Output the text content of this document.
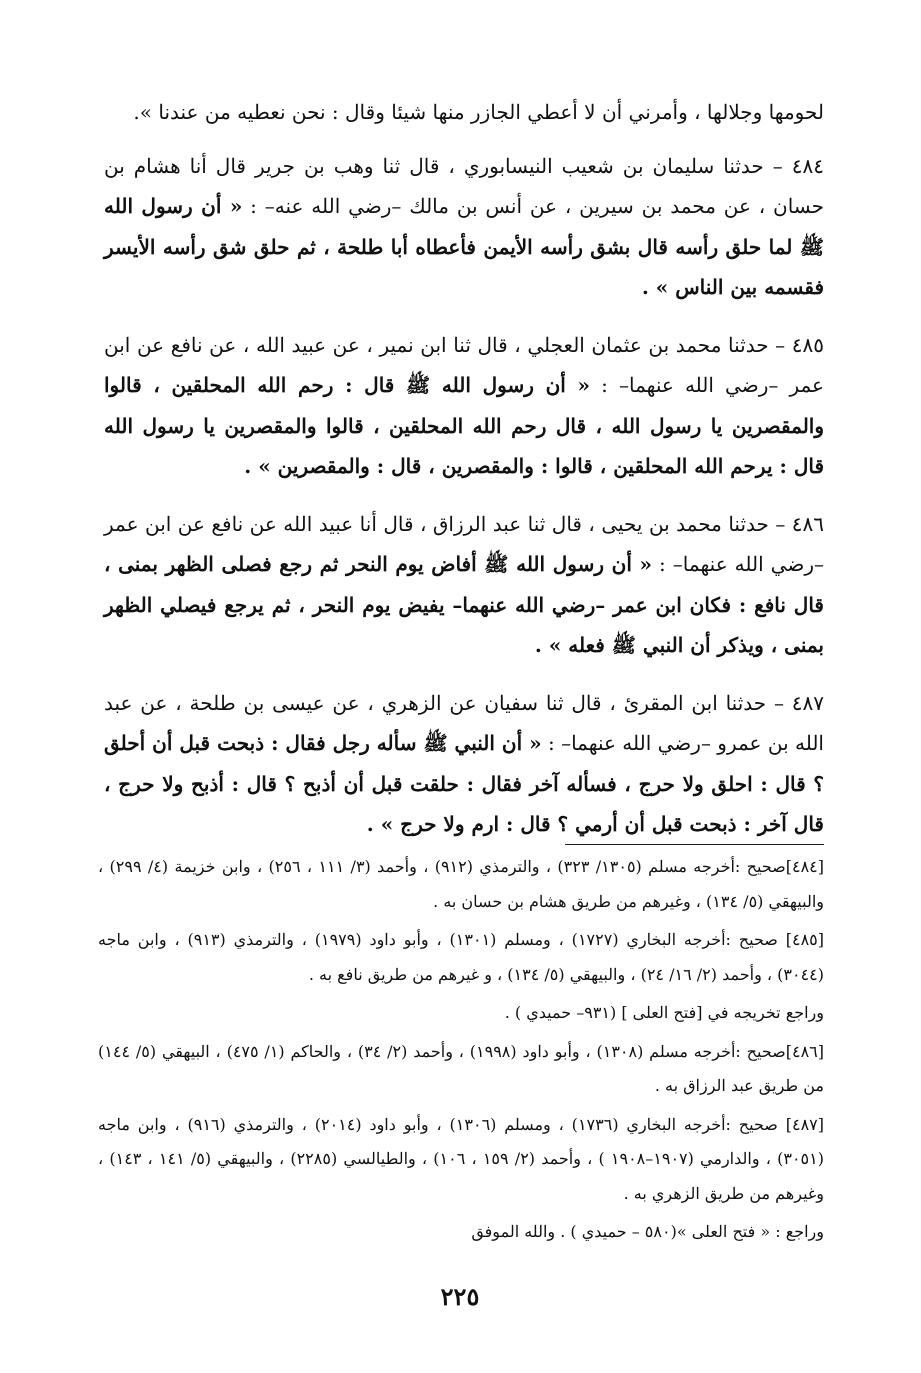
لحومها وجلالها ، وأمرني أن لا أعطي الجازر منها شيئا وقال : نحن نعطيه من عندنا ».

٤٨٤ – حدثنا سليمان بن شعيب النيسابوري ، قال ثنا وهب بن جرير قال أنا هشام بن حسان ، عن محمد بن سيرين ، عن أنس بن مالك –رضي الله عنه– : « أن رسول الله ﷺ لما حلق رأسه قال بشق رأسه الأيمن فأعطاه أبا طلحة ، ثم حلق شق رأسه الأيسر فقسمه بين الناس » .

٤٨٥ – حدثنا محمد بن عثمان العجلي ، قال ثنا ابن نمير ، عن عبيد الله ، عن نافع عن ابن عمر –رضي الله عنهما– : « أن رسول الله ﷺ قال : رحم الله المحلقين ، قالوا والمقصرين يا رسول الله ، قال رحم الله المحلقين ، قالوا والمقصرين يا رسول الله قال : يرحم الله المحلقين ، قالوا : والمقصرين ، قال : والمقصرين » .

٤٨٦ – حدثنا محمد بن يحيى ، قال ثنا عبد الرزاق ، قال أنا عبيد الله عن نافع عن ابن عمر –رضي الله عنهما– : « أن رسول الله ﷺ أفاض يوم النحر ثم رجع فصلى الظهر بمنى ، قال نافع : فكان ابن عمر –رضي الله عنهما– يفيض يوم النحر ، ثم يرجع فيصلي الظهر بمنى ، ويذكر أن النبي ﷺ فعله » .

٤٨٧ – حدثنا ابن المقرئ ، قال ثنا سفيان عن الزهري ، عن عيسى بن طلحة ، عن عبد الله بن عمرو –رضي الله عنهما– : « أن النبي ﷺ سأله رجل فقال : ذبحت قبل أن أحلق ؟ قال : احلق ولا حرج ، فسأله آخر فقال : حلقت قبل أن أذبح ؟ قال : أذبح ولا حرج ، قال آخر : ذبحت قبل أن أرمي ؟ قال : ارم ولا حرج » .

[٤٨٤]صحيح :أخرجه مسلم (١٣٠٥/ ٣٢٣) ، والترمذي (٩١٢) ، وأحمد (٣/ ١١١ ، ٢٥٦) ، وابن خزيمة (٤/ ٢٩٩) ، والبيهقي (٥/ ١٣٤) ، وغيرهم من طريق هشام بن حسان به .

[٤٨٥] صحيح :أخرجه البخاري (١٧٢٧) ، ومسلم (١٣٠١) ، وأبو داود (١٩٧٩) ، والترمذي (٩١٣) ، وابن ماجه (٣٠٤٤) ، وأحمد (٢/ ١٦/ ٢٤) ، والبيهقي (٥/ ١٣٤) ، و غيرهم من طريق نافع به .

وراجع تخريجه في [فتح العلى ] (٩٣١– حميدي ) .

[٤٨٦]صحيح :أخرجه مسلم (١٣٠٨) ، وأبو داود (١٩٩٨) ، وأحمد (٢/ ٣٤) ، والحاكم (١/ ٤٧٥) ، البيهقي (٥/ ١٤٤) من طريق عبد الرزاق به .

[٤٨٧] صحيح :أخرجه البخاري (١٧٣٦) ، ومسلم (١٣٠٦) ، وأبو داود (٢٠١٤) ، والترمذي (٩١٦) ، وابن ماجه (٣٠٥١) ، والدارمي (١٩٠٧–١٩٠٨ ) ، وأحمد (٢/ ١٥٩ ، ١٠٦) ، والطيالسي (٢٢٨٥) ، والبيهقي (٥/ ١٤١ ، ١٤٣) ، وغيرهم من طريق الزهري به .

وراجع : « فتح العلى »(٥٨٠ – حميدي ) . والله الموفق

٢٢٥
